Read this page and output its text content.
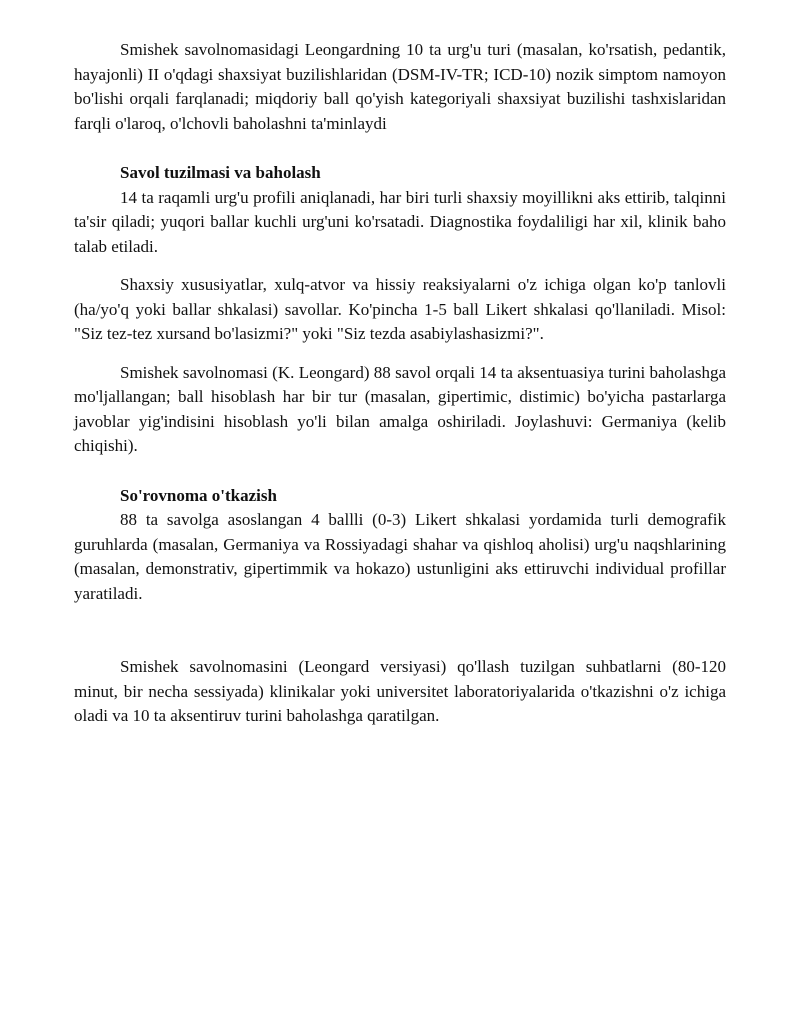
Smishek savolnomasidagi Leongardning 10 ta urg'u turi (masalan, ko'rsatish, pedantik, hayajonli) II o'qdagi shaxsiyat buzilishlaridan (DSM-IV-TR; ICD-10) nozik simptom namoyon bo'lishi orqali farqlanadi; miqdoriy ball qo'yish kategoriyali shaxsiyat buzilishi tashxislaridan farqli o'laroq, o'lchovli baholashni ta'minlaydi

Savol tuzilmasi va baholash

14 ta raqamli urg'u profili aniqlanadi, har biri turli shaxsiy moyillikni aks ettirib, talqinni ta'sir qiladi; yuqori ballar kuchli urg'uni ko'rsatadi. Diagnostika foydaliligi har xil, klinik baho talab etiladi.

Shaxsiy xususiyatlar, xulq-atvor va hissiy reaksiyalarni o'z ichiga olgan ko'p tanlovli (ha/yo'q yoki ballar shkalasi) savollar. Ko'pincha 1-5 ball Likert shkalasi qo'llaniladi. Misol: "Siz tez-tez xursand bo'lasizmi?" yoki "Siz tezda asabiylashasizmi?".

Smishek savolnomasi (K. Leongard) 88 savol orqali 14 ta aksentuasiya turini baholashga mo'ljallangan; ball hisoblash har bir tur (masalan, gipertimic, distimic) bo'yicha pastarlarga javoblar yig'indisini hisoblash yo'li bilan amalga oshiriladi. Joylashuvi: Germaniya (kelib chiqishi).

So'rovnoma o'tkazish

88 ta savolga asoslangan 4 ballli (0-3) Likert shkalasi yordamida turli demografik guruhlarda (masalan, Germaniya va Rossiyadagi shahar va qishloq aholisi) urg'u naqshlarining (masalan, demonstrativ, gipertimmik va hokazo) ustunligini aks ettiruvchi individual profillar yaratiladi.

Smishek savolnomasini (Leongard versiyasi) qo'llash tuzilgan suhbatlarni (80-120 minut, bir necha sessiyada) klinikalar yoki universitet laboratoriyalarida o'tkazishni o'z ichiga oladi va 10 ta aksentiruv turini baholashga qaratilgan.
